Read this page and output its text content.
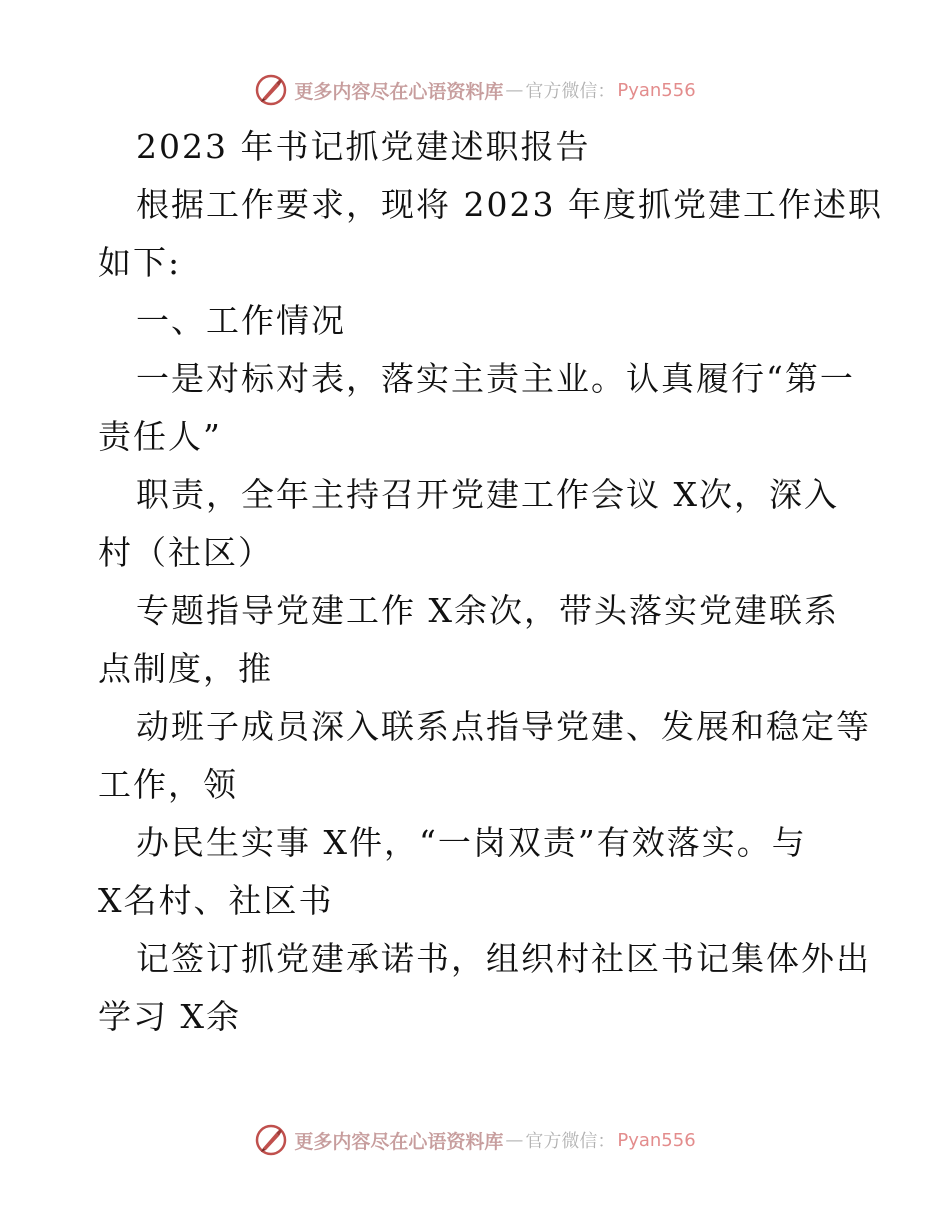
更多内容尽在心语资料库 — 官方微信： Pyan556
2023 年书记抓党建述职报告
根据工作要求，现将 2023 年度抓党建工作述职
如下:
一、工作情况
一是对标对表，落实主责主业。认真履行“第一
责任人”
职责，全年主持召开党建工作会议 X次，深入
村（社区）
专题指导党建工作 X余次，带头落实党建联系
点制度，推
动班子成员深入联系点指导党建、发展和稳定等
工作，领
办民生实事 X件，“一岗双责”有效落实。与
X名村、社区书
记签订抓党建承诺书，组织村社区书记集体外出
学习 X余
更多内容尽在心语资料库 — 官方微信： Pyan556
